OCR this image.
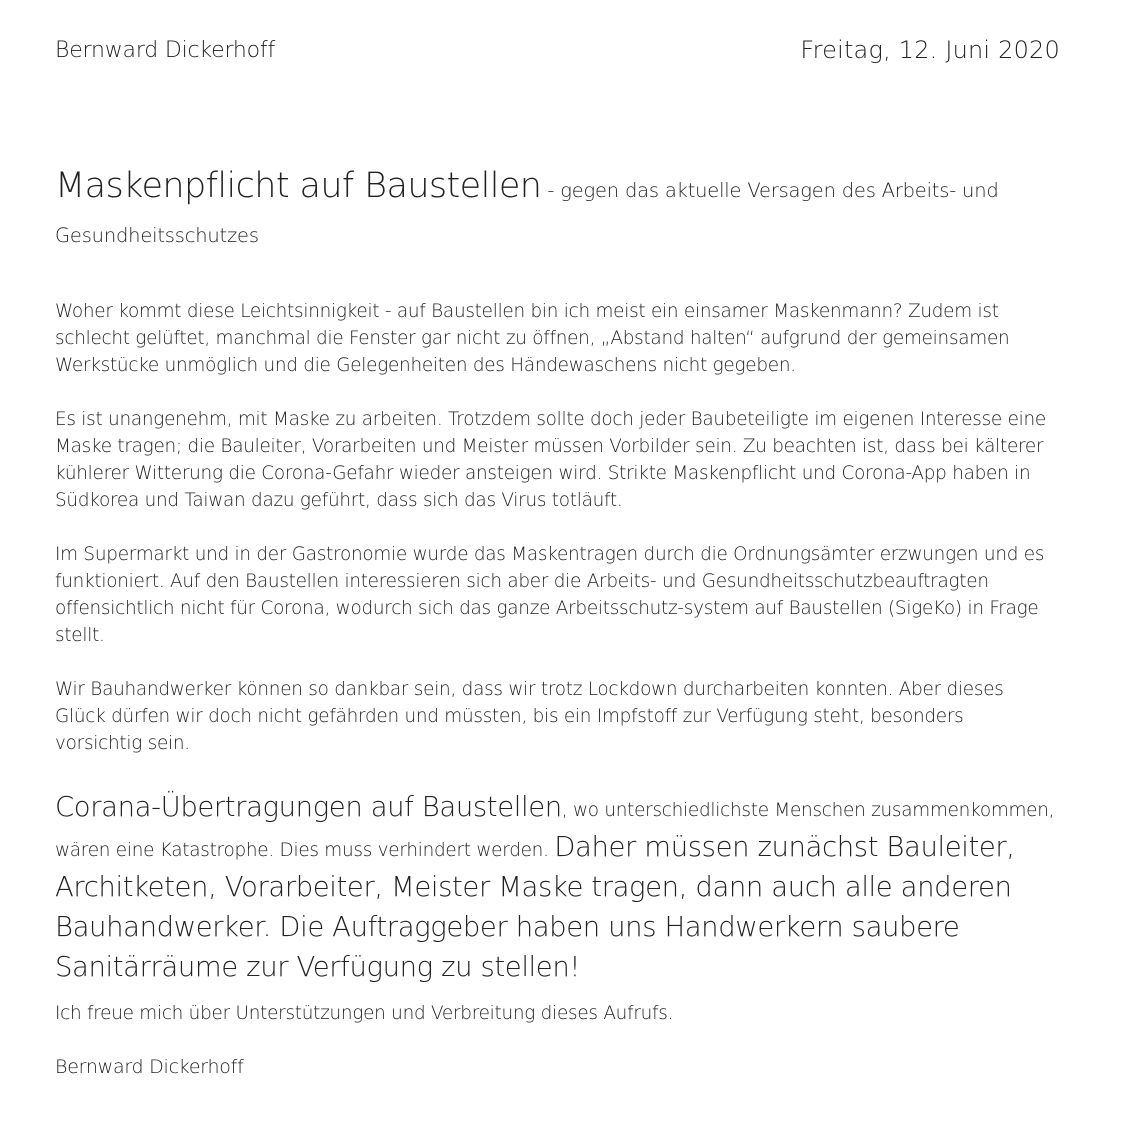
Bernward Dickerhoff	Freitag, 12. Juni 2020
Maskenpflicht auf Baustellen - gegen das aktuelle Versagen des Arbeits- und Gesundheitsschutzes

Woher kommt diese Leichtsinnigkeit - auf Baustellen bin ich meist ein einsamer Maskenmann? Zudem ist schlecht gelüftet, manchmal die Fenster gar nicht zu öffnen, „Abstand halten“ aufgrund der gemeinsamen Werkstücke unmöglich und die Gelegenheiten des Händewaschens nicht gegeben.

Es ist unangenehm, mit Maske zu arbeiten. Trotzdem sollte doch jeder Baubeteiligte im eigenen Interesse eine Maske tragen; die Bauleiter, Vorarbeiten und Meister müssen Vorbilder sein. Zu beachten ist, dass bei kälterer kühlerer Witterung die Corona-Gefahr wieder ansteigen wird. Strikte Maskenpflicht und Corona-App haben in Südkorea und Taiwan dazu geführt, dass sich das Virus totläuft.

Im Supermarkt und in der Gastronomie wurde das Maskentragen durch die Ordnungsämter erzwungen und es funktioniert. Auf den Baustellen interessieren sich aber die Arbeits- und Gesundheitsschutzbeauftragten offensichtlich nicht für Corona, wodurch sich das ganze Arbeitsschutz-system auf Baustellen (SigeKo) in Frage stellt.

Wir Bauhandwerker können so dankbar sein, dass wir trotz Lockdown durcharbeiten konnten. Aber dieses Glück dürfen wir doch nicht gefährden und müssten, bis ein Impfstoff zur Verfügung steht, besonders vorsichtig sein.

Corana-Übertragungen auf Baustellen, wo unterschiedlichste Menschen zusammenkommen, wären eine Katastrophe. Dies muss verhindert werden. Daher müssen zunächst Bauleiter, Architketen, Vorarbeiter, Meister Maske tragen, dann auch alle anderen Bauhandwerker. Die Auftraggeber haben uns Handwerkern saubere Sanitärräume zur Verfügung zu stellen!
Ich freue mich über Unterstützungen und Verbreitung dieses Aufrufs.
Bernward Dickerhoff
